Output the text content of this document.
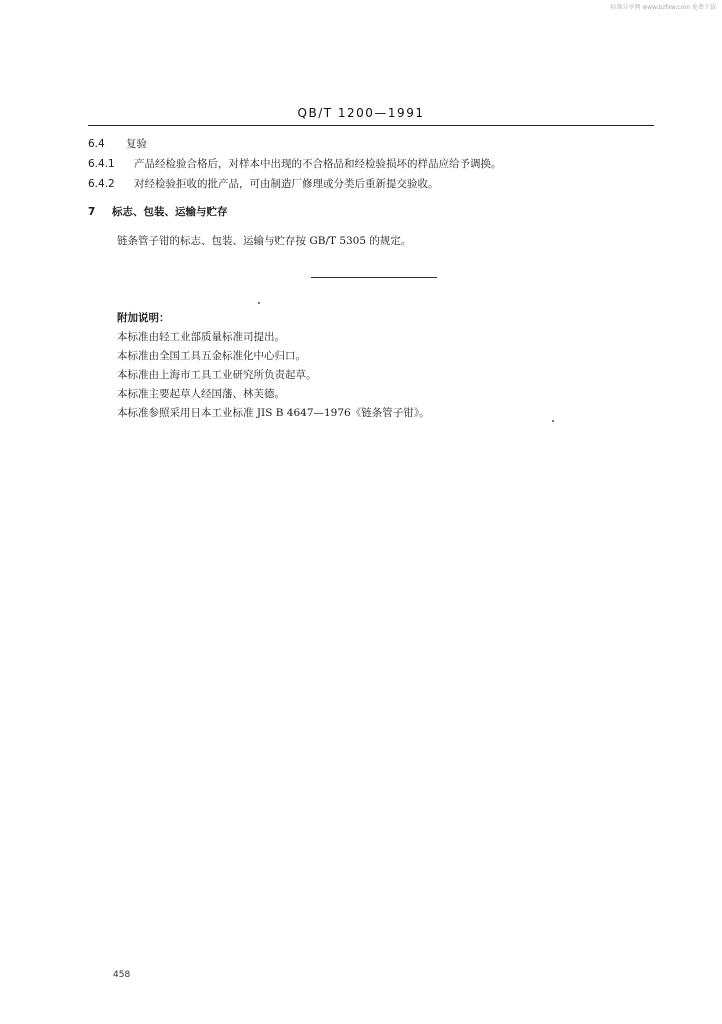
标准分享网 www.bzfxw.com 免费下载
QB/T 1200—1991
6.4 复验
6.4.1 产品经检验合格后，对样本中出现的不合格品和经检验损坏的样品应给予调换。
6.4.2 对经检验拒收的批产品，可由制造厂修理或分类后重新提交验收。
7 标志、包装、运输与贮存
链条管子钳的标志、包装、运输与贮存按 GB/T 5305 的规定。
附加说明：
本标准由轻工业部质量标准司提出。
本标准由全国工具五金标准化中心归口。
本标准由上海市工具工业研究所负责起草。
本标准主要起草人经国藩、林芙德。
本标准参照采用日本工业标准 JIS B 4647—1976《链条管子钳》。
458
